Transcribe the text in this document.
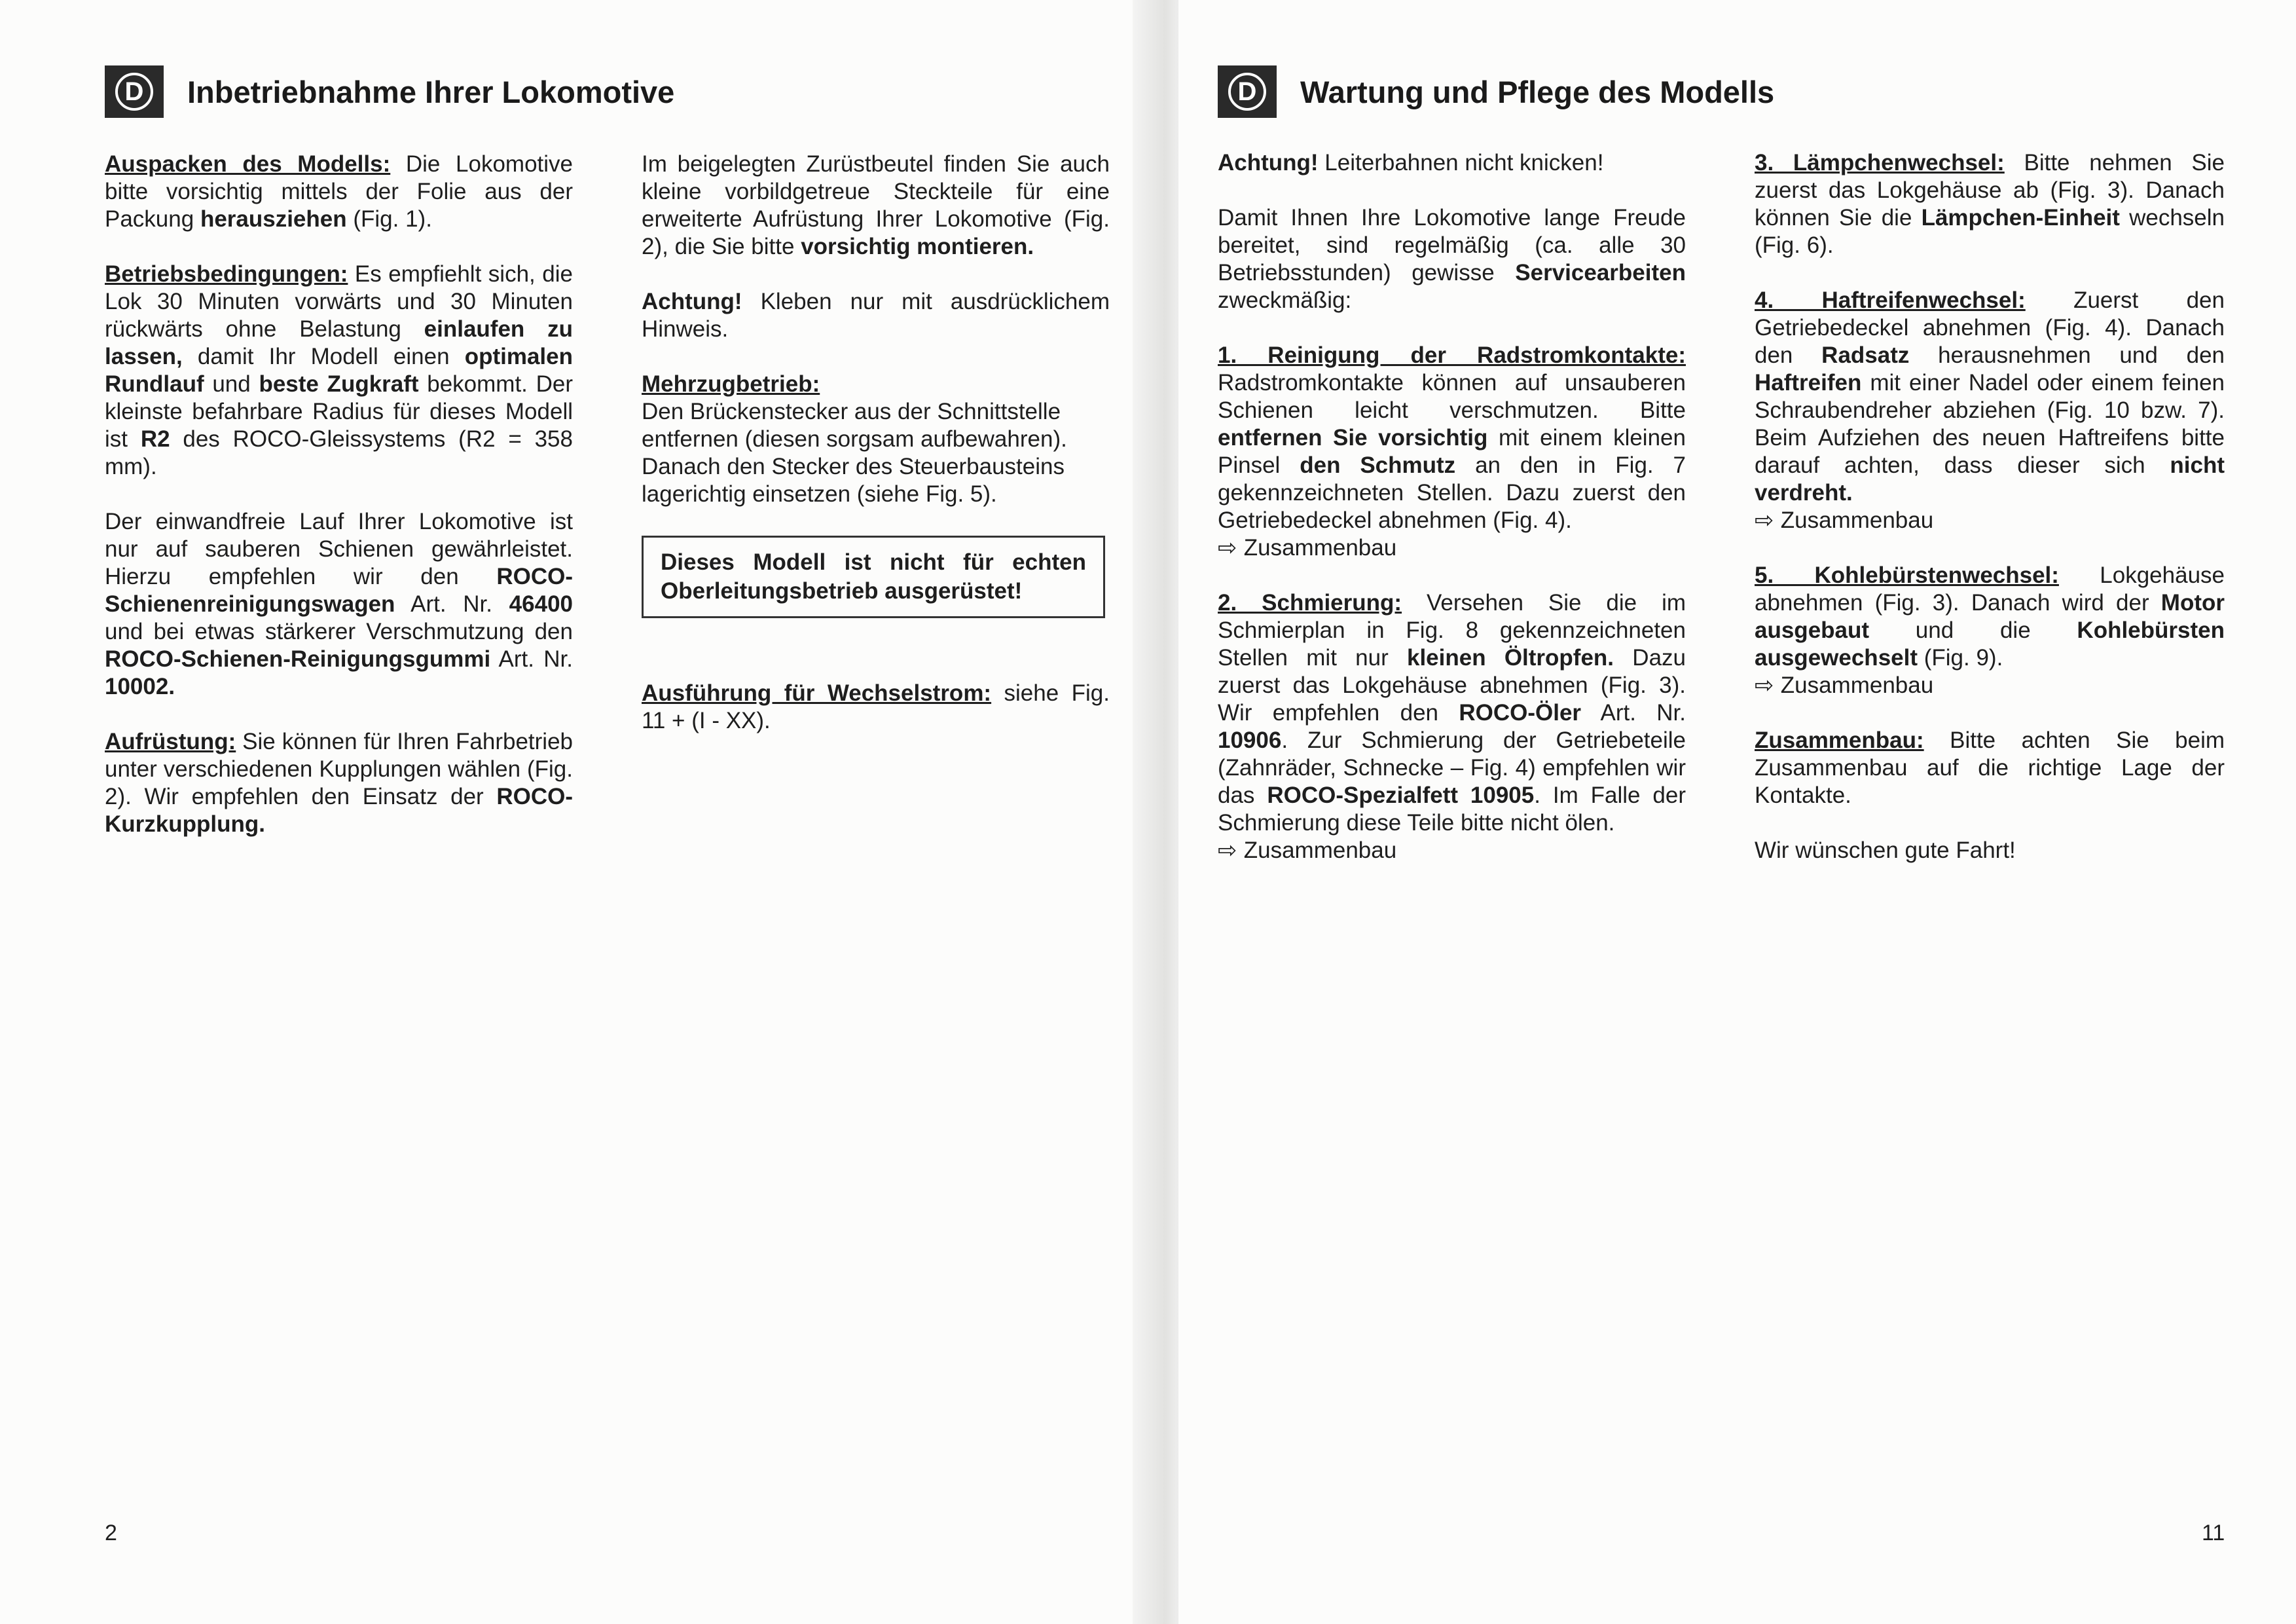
D	Inbetriebnahme Ihrer Lokomotive

Auspacken des Modells: Die Lokomotive bitte vorsichtig mittels der Folie aus der Packung herausziehen (Fig. 1).

Betriebsbedingungen: Es empfiehlt sich, die Lok 30 Minuten vorwärts und 30 Minuten rückwärts ohne Belastung einlaufen zu lassen, damit Ihr Modell einen optimalen Rundlauf und beste Zugkraft bekommt. Der kleinste befahrbare Radius für dieses Modell ist R2 des ROCO-Gleissystems (R2 = 358 mm).

Der einwandfreie Lauf Ihrer Lokomotive ist nur auf sauberen Schienen gewährleistet. Hierzu empfehlen wir den ROCO-Schienenreinigungswagen Art. Nr. 46400 und bei etwas stärkerer Verschmutzung den ROCO-Schienen-Reinigungsgummi Art. Nr. 10002.

Aufrüstung: Sie können für Ihren Fahrbetrieb unter verschiedenen Kupplungen wählen (Fig. 2). Wir empfehlen den Einsatz der ROCO-Kurzkupplung.

Im beigelegten Zurüstbeutel finden Sie auch kleine vorbildgetreue Steckteile für eine erweiterte Aufrüstung Ihrer Lokomotive (Fig. 2), die Sie bitte vorsichtig montieren.

Achtung! Kleben nur mit ausdrücklichem Hinweis.

Mehrzugbetrieb:
Den Brückenstecker aus der Schnittstelle entfernen (diesen sorgsam aufbewahren).
Danach den Stecker des Steuerbausteins lagerichtig einsetzen (siehe Fig. 5).

Dieses Modell ist nicht für echten Oberleitungsbetrieb ausgerüstet!

Ausführung für Wechselstrom: siehe Fig. 11 + (I - XX).

2
D	Wartung und Pflege des Modells

Achtung! Leiterbahnen nicht knicken!

Damit Ihnen Ihre Lokomotive lange Freude bereitet, sind regelmäßig (ca. alle 30 Betriebsstunden) gewisse Servicearbeiten zweckmäßig:

1. Reinigung der Radstromkontakte: Radstromkontakte können auf unsauberen Schienen leicht verschmutzen. Bitte entfernen Sie vorsichtig mit einem kleinen Pinsel den Schmutz an den in Fig. 7 gekennzeichneten Stellen. Dazu zuerst den Getriebedeckel abnehmen (Fig. 4).
⇨ Zusammenbau

2. Schmierung: Versehen Sie die im Schmierplan in Fig. 8 gekennzeichneten Stellen mit nur kleinen Öltropfen. Dazu zuerst das Lokgehäuse abnehmen (Fig. 3). Wir empfehlen den ROCO-Öler Art. Nr. 10906. Zur Schmierung der Getriebeteile (Zahnräder, Schnecke – Fig. 4) empfehlen wir das ROCO-Spezialfett 10905. Im Falle der Schmierung diese Teile bitte nicht ölen.
⇨ Zusammenbau

3. Lämpchenwechsel: Bitte nehmen Sie zuerst das Lokgehäuse ab (Fig. 3). Danach können Sie die Lämpchen-Einheit wechseln (Fig. 6).

4. Haftreifenwechsel: Zuerst den Getriebedeckel abnehmen (Fig. 4). Danach den Radsatz herausnehmen und den Haftreifen mit einer Nadel oder einem feinen Schraubendreher abziehen (Fig. 10 bzw. 7). Beim Aufziehen des neuen Haftreifens bitte darauf achten, dass dieser sich nicht verdreht.
⇨ Zusammenbau

5. Kohlebürstenwechsel: Lokgehäuse abnehmen (Fig. 3). Danach wird der Motor ausgebaut und die Kohlebürsten ausgewechselt (Fig. 9).
⇨ Zusammenbau

Zusammenbau: Bitte achten Sie beim Zusammenbau auf die richtige Lage der Kontakte.

Wir wünschen gute Fahrt!

11
